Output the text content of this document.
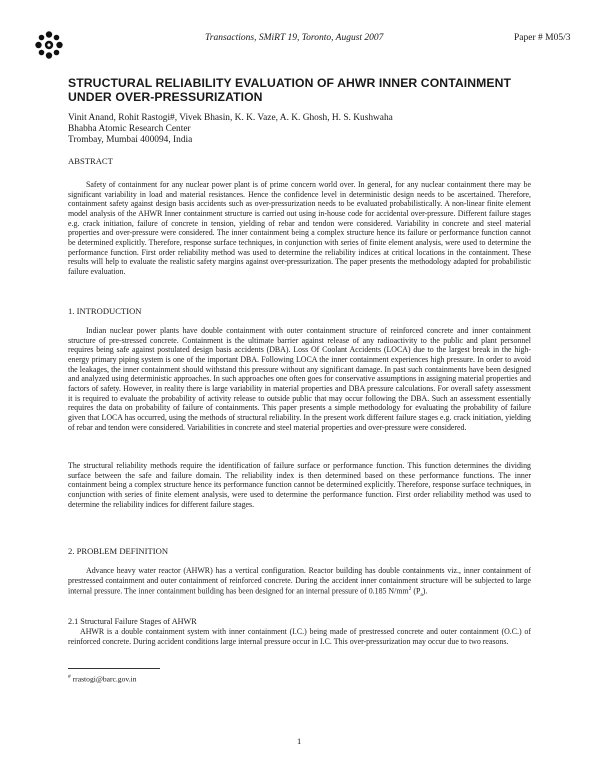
Transactions, SMiRT 19, Toronto, August 2007	Paper # M05/3
STRUCTURAL RELIABILITY EVALUATION OF AHWR INNER CONTAINMENT UNDER OVER-PRESSURIZATION
Vinit Anand, Rohit Rastogi#, Vivek Bhasin, K. K. Vaze, A. K. Ghosh, H. S. Kushwaha
Bhabha Atomic Research Center
Trombay, Mumbai 400094, India
ABSTRACT

Safety of containment for any nuclear power plant is of prime concern world over. In general, for any nuclear containment there may be significant variability in load and material resistances. Hence the confidence level in deterministic design needs to be ascertained. Therefore, containment safety against design basis accidents such as over-pressurization needs to be evaluated probabilistically. A non-linear finite element model analysis of the AHWR Inner containment structure is carried out using in-house code for accidental over-pressure. Different failure stages e.g. crack initiation, failure of concrete in tension, yielding of rebar and tendon were considered. Variability in concrete and steel material properties and over-pressure were considered. The inner containment being a complex structure hence its failure or performance function cannot be determined explicitly. Therefore, response surface techniques, in conjunction with series of finite element analysis, were used to determine the performance function. First order reliability method was used to determine the reliability indices at critical locations in the containment. These results will help to evaluate the realistic safety margins against over-pressurization. The paper presents the methodology adapted for probabilistic failure evaluation.

1. INTRODUCTION

Indian nuclear power plants have double containment with outer containment structure of reinforced concrete and inner containment structure of pre-stressed concrete. Containment is the ultimate barrier against release of any radioactivity to the public and plant personnel requires being safe against postulated design basis accidents (DBA). Loss Of Coolant Accidents (LOCA) due to the largest break in the high-energy primary piping system is one of the important DBA. Following LOCA the inner containment experiences high pressure. In order to avoid the leakages, the inner containment should withstand this pressure without any significant damage. In past such containments have been designed and analyzed using deterministic approaches. In such approaches one often goes for conservative assumptions in assigning material properties and factors of safety. However, in reality there is large variability in material properties and DBA pressure calculations. For overall safety assessment it is required to evaluate the probability of activity release to outside public that may occur following the DBA. Such an assessment essentially requires the data on probability of failure of containments. This paper presents a simple methodology for evaluating the probability of failure given that LOCA has occurred, using the methods of structural reliability. In the present work different failure stages e.g. crack initiation, yielding of rebar and tendon were considered. Variabilities in concrete and steel material properties and over-pressure were considered.

The structural reliability methods require the identification of failure surface or performance function. This function determines the dividing surface between the safe and failure domain. The reliability index is then determined based on these performance functions. The inner containment being a complex structure hence its performance function cannot be determined explicitly. Therefore, response surface techniques, in conjunction with series of finite element analysis, were used to determine the performance function. First order reliability method was used to determine the reliability indices for different failure stages.

2. PROBLEM DEFINITION

Advance heavy water reactor (AHWR) has a vertical configuration. Reactor building has double containments viz., inner containment of prestressed containment and outer containment of reinforced concrete. During the accident inner containment structure will be subjected to large internal pressure. The inner containment building has been designed for an internal pressure of 0.185 $N/mm^2$ $(P_a)$.

2.1 Structural Failure Stages of AHWR

AHWR is a double containment system with inner containment (I.C.) being made of prestressed concrete and outer containment (O.C.) of reinforced concrete. During accident conditions large internal pressure occur in I.C. This over-pressurization may occur due to two reasons.

# rrastogi@barc.gov.in
1
